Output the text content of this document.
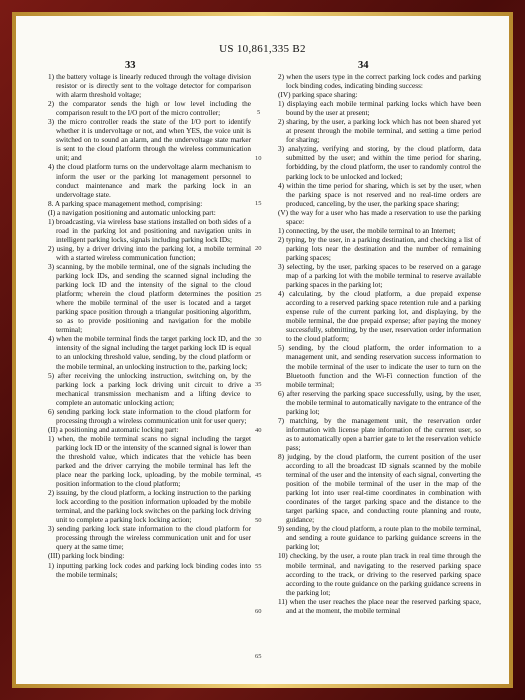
US 10,861,335 B2
33	34

1) the battery voltage is linearly reduced through the voltage division resistor or is directly sent to the voltage detector for comparison with alarm threshold voltage;

2) the comparator sends the high or low level including the comparison result to the I/O port of the micro controller;

3) the micro controller reads the state of the I/O port to identify whether it is undervoltage or not, and when YES, the voice unit is switched on to sound an alarm, and the undervoltage state marker is sent to the cloud platform through the wireless communication unit; and

4) the cloud platform turns on the undervoltage alarm mechanism to inform the user or the parking lot management personnel to conduct maintenance and mark the parking lock in an undervoltage state.

8. A parking space management method, comprising:

(I) a navigation positioning and automatic unlocking part:

1) broadcasting, via wireless base stations installed on both sides of a road in the parking lot and positioning and navigation units in intelligent parking locks, signals including parking lock IDs;

2) using, by a driver driving into the parking lot, a mobile terminal with a started wireless communication function;

3) scanning, by the mobile terminal, one of the signals including the parking lock IDs, and sending the scanned signal including the parking lock ID and the intensity of the signal to the cloud platform; wherein the cloud platform determines the position where the mobile terminal of the user is located and a target parking space position through a triangular positioning algorithm, so as to provide positioning and navigation for the mobile terminal;

4) when the mobile terminal finds the target parking lock ID, and the intensity of the signal including the target parking lock ID is equal to an unlocking threshold value, sending, by the cloud platform or the mobile terminal, an unlocking instruction to the, parking lock;

5) after receiving the unlocking instruction, switching on, by the parking lock a parking lock driving unit circuit to drive a mechanical transmission mechanism and a lifting device to complete an automatic unlocking action;

6) sending parking lock state information to the cloud platform for processing through a wireless communication unit for user query;

(II) a positioning and automatic locking part:

1) when, the mobile terminal scans no signal including the target parking lock ID or the intensity of the scanned signal is lower than the threshold value, which indicates that the vehicle has been parked and the driver carrying the mobile terminal has left the place near the parking lock, uploading, by the mobile terminal, position information to the cloud platform;

2) issuing, by the cloud platform, a locking instruction to the parking lock according to the position information uploaded by the mobile terminal, and the parking lock switches on the parking lock driving unit to complete a parking lock locking action;

3) sending parking lock state information to the cloud platform for processing through the wireless communication unit and for user query at the same time;

(III) parking lock binding:

1) inputting parking lock codes and parking lock binding codes into the mobile terminals;

2) when the users type in the correct parking lock codes and parking lock binding codes, indicating binding success:

(IV) parking space sharing:

1) displaying each mobile terminal parking locks which have been bound by the user at present;

2) sharing, by the user, a parking lock which has not been shared yet at present through the mobile terminal, and setting a time period for sharing;

3) analyzing, verifying and storing, by the cloud platform, data submitted by the user; and within the time period for sharing, forbidding, by the cloud platform, the user to randomly control the parking lock to be unlocked and locked;

4) within the time period for sharing, which is set by the user, when the parking space is not reserved and no real-time orders are produced, canceling, by the user, the parking space sharing;

(V) the way for a user who has made a reservation to use the parking space:

1) connecting, by the user, the mobile terminal to an Internet;

2) typing, by the user, in a parking destination, and checking a list of parking lots near the destination and the number of remaining parking spaces;

3) selecting, by the user, parking spaces to be reserved on a garage map of a parking lot with the mobile terminal to reserve available parking spaces in the parking lot;

4) calculating, by the cloud platform, a due prepaid expense according to a reserved parking space retention rule and a parking expense rule of the current parking lot, and displaying, by the mobile terminal, the due prepaid expense; after paying the money successfully, submitting, by the user, reservation order information to the cloud platform;

5) sending, by the cloud platform, the order information to a management unit, and sending reservation success information to the mobile terminal of the user to indicate the user to turn on the Bluetooth function and the Wi-Fi connection function of the mobile terminal;

6) after reserving the parking space successfully, using, by the user, the mobile terminal to automatically navigate to the entrance of the parking lot;

7) matching, by the management unit, the reservation order information with license plate information of the current user, so as to automatically open a barrier gate to let the reservation vehicle pass;

8) judging, by the cloud platform, the current position of the user according to all the broadcast ID signals scanned by the mobile terminal of the user and the intensity of each signal, converting the position of the mobile terminal of the user in the map of the parking lot into user real-time coordinates in combination with coordinates of the target parking space and the distance to the target parking space, and conducting route planning and route, guidance;

9) sending, by the cloud platform, a route plan to the mobile terminal, and sending a route guidance to parking guidance screens in the parking lot;

10) checking, by the user, a route plan track in real time through the mobile terminal, and navigating to the reserved parking space according to the track, or driving to the reserved parking space according to the route guidance on the parking guidance screens in the parking lot;

11) when the user reaches the place near the reserved parking space, and at the moment, the mobile terminal

5
10
15
20
25
30
35
40
45
50
55
60
65
